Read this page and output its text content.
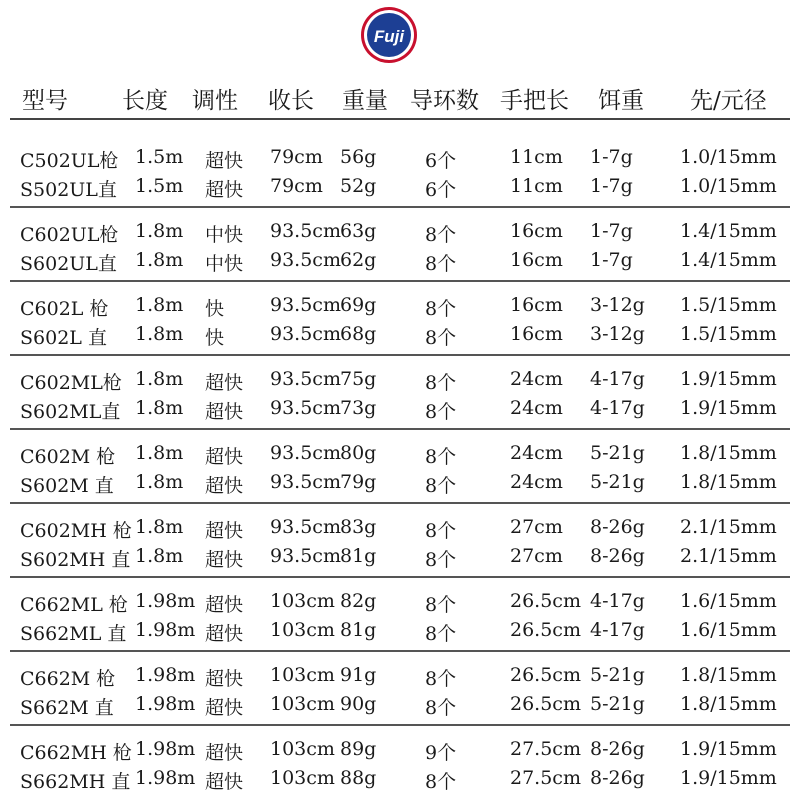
Fuji
型号 长度 调性 收长 重量 导环数 手把长 饵重 先/元径
C502UL枪 1.5m 超快 79cm 56g	6个	11cm 1-7g 1.0/15mm
S502UL直 1.5m 超快 79cm 52g	6个	11cm 1-7g 1.0/15mm
C602UL枪 1.8m 中快 93.5cm 63g	8个	16cm 1-7g 1.4/15mm
S602UL直 1.8m 中快 93.5cm 62g	8个	16cm 1-7g 1.4/15mm
C602L 枪 1.8m 快 93.5cm 69g	8个	16cm 3-12g 1.5/15mm
S602L 直 1.8m 快 93.5cm 68g	8个	16cm 3-12g 1.5/15mm
C602ML枪 1.8m 超快 93.5cm 75g	8个	24cm 4-17g 1.9/15mm
S602ML直 1.8m 超快 93.5cm 73g	8个	24cm 4-17g 1.9/15mm
C602M 枪 1.8m 超快 93.5cm 80g	8个	24cm 5-21g 1.8/15mm
S602M 直 1.8m 超快 93.5cm 79g	8个	24cm 5-21g 1.8/15mm
C602MH 枪 1.8m 超快 93.5cm 83g	8个	27cm 8-26g 2.1/15mm
S602MH 直 1.8m 超快 93.5cm 81g	8个	27cm 8-26g 2.1/15mm
C662ML 枪 1.98m 超快 103cm 82g	8个	26.5cm 4-17g 1.6/15mm
S662ML 直 1.98m 超快 103cm 81g	8个	26.5cm 4-17g 1.6/15mm
C662M 枪 1.98m 超快 103cm 91g	8个	26.5cm 5-21g 1.8/15mm
S662M 直 1.98m 超快 103cm 90g	8个	26.5cm 5-21g 1.8/15mm
C662MH 枪 1.98m 超快 103cm 89g	9个	27.5cm 8-26g 1.9/15mm
S662MH 直 1.98m 超快 103cm 88g	8个	27.5cm 8-26g 1.9/15mm
